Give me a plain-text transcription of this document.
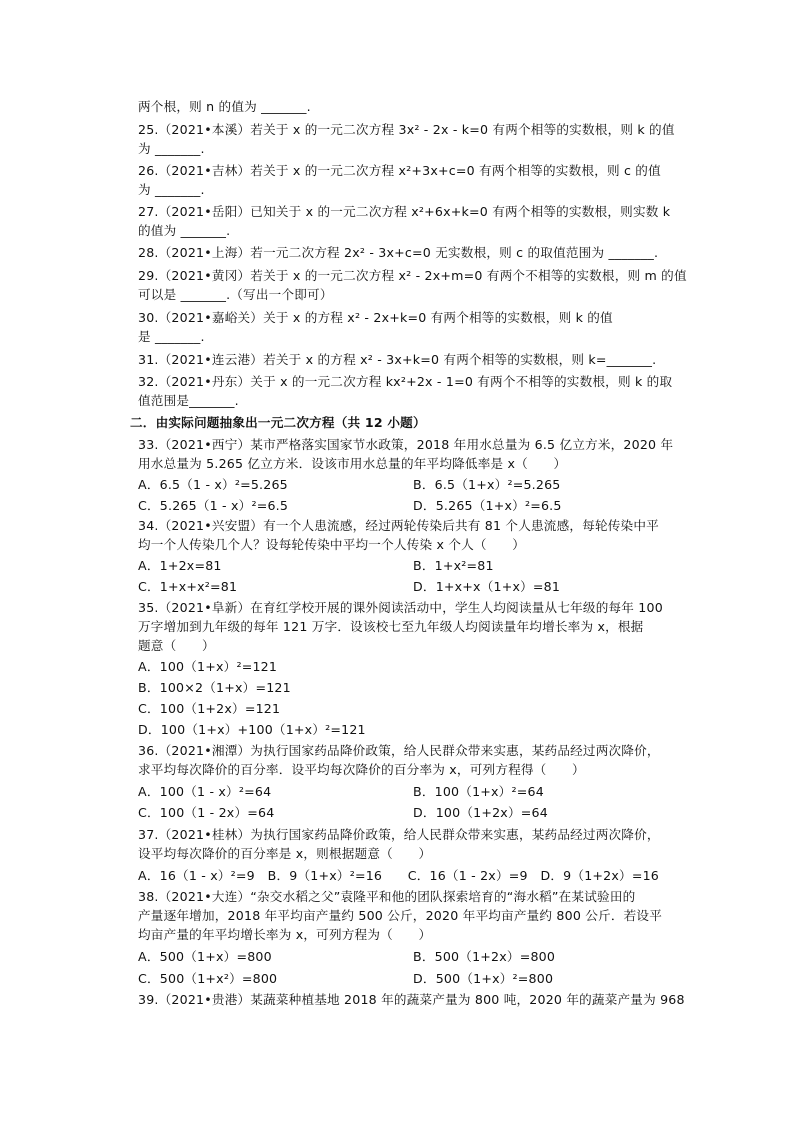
两个根，则 n 的值为 _______.
25.（2021•本溪）若关于 x 的一元二次方程 3x² - 2x - k=0 有两个相等的实数根，则 k 的值
为 _______.
26.（2021•吉林）若关于 x 的一元二次方程 x²+3x+c=0 有两个相等的实数根，则 c 的值
为 _______.
27.（2021•岳阳）已知关于 x 的一元二次方程 x²+6x+k=0 有两个相等的实数根，则实数 k
的值为 _______.
28.（2021•上海）若一元二次方程 2x² - 3x+c=0 无实数根，则 c 的取值范围为 _______.
29.（2021•黄冈）若关于 x 的一元二次方程 x² - 2x+m=0 有两个不相等的实数根，则 m 的值
可以是 _______.（写出一个即可）
30.（2021•嘉峪关）关于 x 的方程 x² - 2x+k=0 有两个相等的实数根，则 k 的值
是 _______.
31.（2021•连云港）若关于 x 的方程 x² - 3x+k=0 有两个相等的实数根，则 k=_______.
32.（2021•丹东）关于 x 的一元二次方程 kx²+2x - 1=0 有两个不相等的实数根，则 k 的取
值范围是_______.
二．由实际问题抽象出一元二次方程（共 12 小题）
33.（2021•西宁）某市严格落实国家节水政策，2018 年用水总量为 6.5 亿立方米，2020 年
用水总量为 5.265 亿立方米．设该市用水总量的年平均降低率是 x（　　）
A．6.5（1 - x）²=5.265	B．6.5（1+x）²=5.265
C．5.265（1 - x）²=6.5	D．5.265（1+x）²=6.5
34.（2021•兴安盟）有一个人患流感，经过两轮传染后共有 81 个人患流感，每轮传染中平
均一个人传染几个人？设每轮传染中平均一个人传染 x 个人（　　）
A．1+2x=81	B．1+x²=81
C．1+x+x²=81	D．1+x+x（1+x）=81
35.（2021•阜新）在育红学校开展的课外阅读活动中，学生人均阅读量从七年级的每年 100
万字增加到九年级的每年 121 万字．设该校七至九年级人均阅读量年均增长率为 x，根据
题意（　　）
A．100（1+x）²=121
B．100×2（1+x）=121
C．100（1+2x）=121
D．100（1+x）+100（1+x）²=121
36.（2021•湘潭）为执行国家药品降价政策，给人民群众带来实惠，某药品经过两次降价，
求平均每次降价的百分率．设平均每次降价的百分率为 x，可列方程得（　　）
A．100（1 - x）²=64	B．100（1+x）²=64
C．100（1 - 2x）=64	D．100（1+2x）=64
37.（2021•桂林）为执行国家药品降价政策，给人民群众带来实惠，某药品经过两次降价，
设平均每次降价的百分率是 x，则根据题意（　　）
A．16（1 - x）²=9　B．9（1+x）²=16　　C．16（1 - 2x）=9　D．9（1+2x）=16
38.（2021•大连）“杂交水稻之父”袁隆平和他的团队探索培育的“海水稻”在某试验田的
产量逐年增加，2018 年平均亩产量约 500 公斤，2020 年平均亩产量约 800 公斤．若设平
均亩产量的年平均增长率为 x，可列方程为（　　）
A．500（1+x）=800	B．500（1+2x）=800
C．500（1+x²）=800	D．500（1+x）²=800
39.（2021•贵港）某蔬菜种植基地 2018 年的蔬菜产量为 800 吨，2020 年的蔬菜产量为 968
